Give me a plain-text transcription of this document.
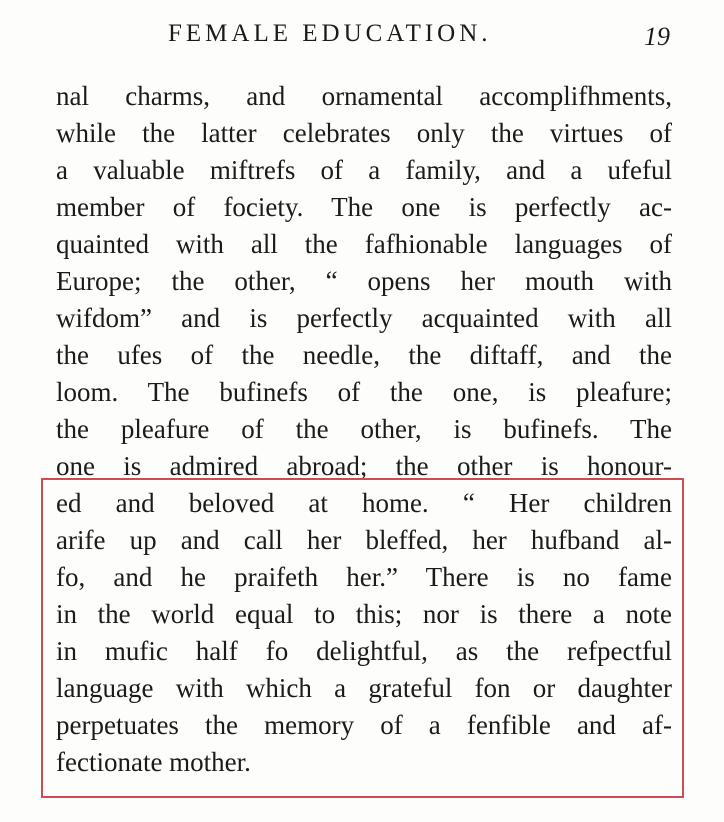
FEMALE EDUCATION.	19
nal charms, and ornamental accomplifhments,
while the latter celebrates only the virtues of
a valuable miftrefs of a family, and a ufeful
member of fociety. The one is perfectly ac-
quainted with all the fafhionable languages of
Europe; the other, “ opens her mouth with
wifdom” and is perfectly acquainted with all
the ufes of the needle, the diftaff, and the
loom. The bufinefs of the one, is pleafure;
the pleafure of the other, is bufinefs. The
one is admired abroad; the other is honour-
ed and beloved at home. “ Her children
arife up and call her bleffed, her hufband al-
fo, and he praifeth her.” There is no fame
in the world equal to this; nor is there a note
in mufic half fo delightful, as the refpectful
language with which a grateful fon or daughter
perpetuates the memory of a fenfible and af-
fectionate mother.
